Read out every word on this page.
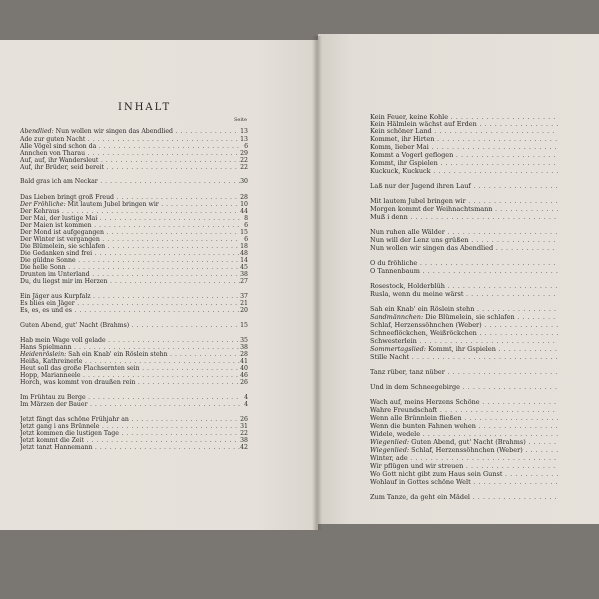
INHALT
Seite
Abendlied: Nun wollen wir singen das Abendlied . . .	13
Ade zur guten Nacht . . .	13
Alle Vögel sind schon da . . .	6
Ännchen von Tharau . . .	29
Auf, auf, ihr Wandersleut . . .	22
Auf, ihr Brüder, seid bereit . . .	22
Bald gras ich am Neckar . . .	30
Das Lieben bringt groß Freud . . .	28
Der Fröhliche: Mit lautem Jubel bringen wir . . .	10
Der Kehraus . . .	44
Der Mai, der lustige Mai . . .	8
Der Maien ist kommen . . .	6
Der Mond ist aufgegangen . . .	15
Der Winter ist vergangen . . .	6
Die Blümelein, sie schlafen . . .	18
Die Gedanken sind frei . . .	48
Die güldne Sonne . . .	14
Die helle Sonn . . .	45
Drunten im Unterland . . .	38
Du, du liegst mir im Herzen . . .	27
Ein Jäger aus Kurpfalz . . .	37
Es blies ein Jäger . . .	21
Es, es, es und es . . .	20
Guten Abend, gut' Nacht (Brahms) . . .	15
Hab mein Wage voll gelade . . .	35
Hans Spielmann . . .	38
Heidenröslein: Sah ein Knab' ein Röslein stehn . . .	28
Heißa, Kathreinerle . . .	41
Heut soll das große Flachsernten sein . . .	40
Hopp, Marianneele . . .	46
Horch, was kommt von draußen rein . . .	26
Im Frühtau zu Berge . . .	4
Im Märzen der Bauer . . .	4
Jetzt fängt das schöne Frühjahr an . . .	26
Jetzt gang i ans Brünnele . . .	31
Jetzt kommen die lustigen Tage . . .	22
Jetzt kommt die Zeit . . .	38
Jetzt tanzt Hannemann . . .	42
Kein Feuer, keine Kohle . . .
Kein Hälmlein wächst auf Erden . . .
Kein schöner Land . . .
Kommet, ihr Hirten . . .
Komm, lieber Mai . . .
Kommt a Vogerl geflogen . . .
Kommt, ihr Gspielen . . .
Kuckuck, Kuckuck . . .
Laß nur der Jugend ihren Lauf . . .
Mit lautem Jubel bringen wir . . .
Morgen kommt der Weihnachtsmann . . .
Muß i denn . . .
Nun ruhen alle Wälder . . .
Nun will der Lenz uns grüßen . . .
Nun wollen wir singen das Abendlied . . .
O du fröhliche . . .
O Tannenbaum . . .
Rosestock, Holderblüh . . .
Rusla, wenn du meine wärst . . .
Sah ein Knab' ein Röslein stehn . . .
Sandmännchen: Die Blümelein, sie schlafen . . .
Schlaf, Herzenssöhnchen (Weber) . . .
Schneeflöckchen, Weißröckchen . . .
Schwesterlein . . .
Sommertagslied: Kommt, ihr Gspielen . . .
Stille Nacht . . .
Tanz rüber, tanz nüber . . .
Und in dem Schneegebirge . . .
Wach auf, meins Herzens Schöne . . .
Wahre Freundschaft . . .
Wenn alle Brünnlein fließen . . .
Wenn die bunten Fahnen wehen . . .
Widele, wedele . . .
Wiegenlied: Guten Abend, gut' Nacht (Brahms) . . .
Wiegenlied: Schlaf, Herzenssöhnchen (Weber) . . .
Winter, ade . . .
Wir pflügen und wir streuen . . .
Wo Gott nicht gibt zum Haus sein Gunst . . .
Wohlauf in Gottes schöne Welt . . .
Zum Tanze, da geht ein Mädel . . .
